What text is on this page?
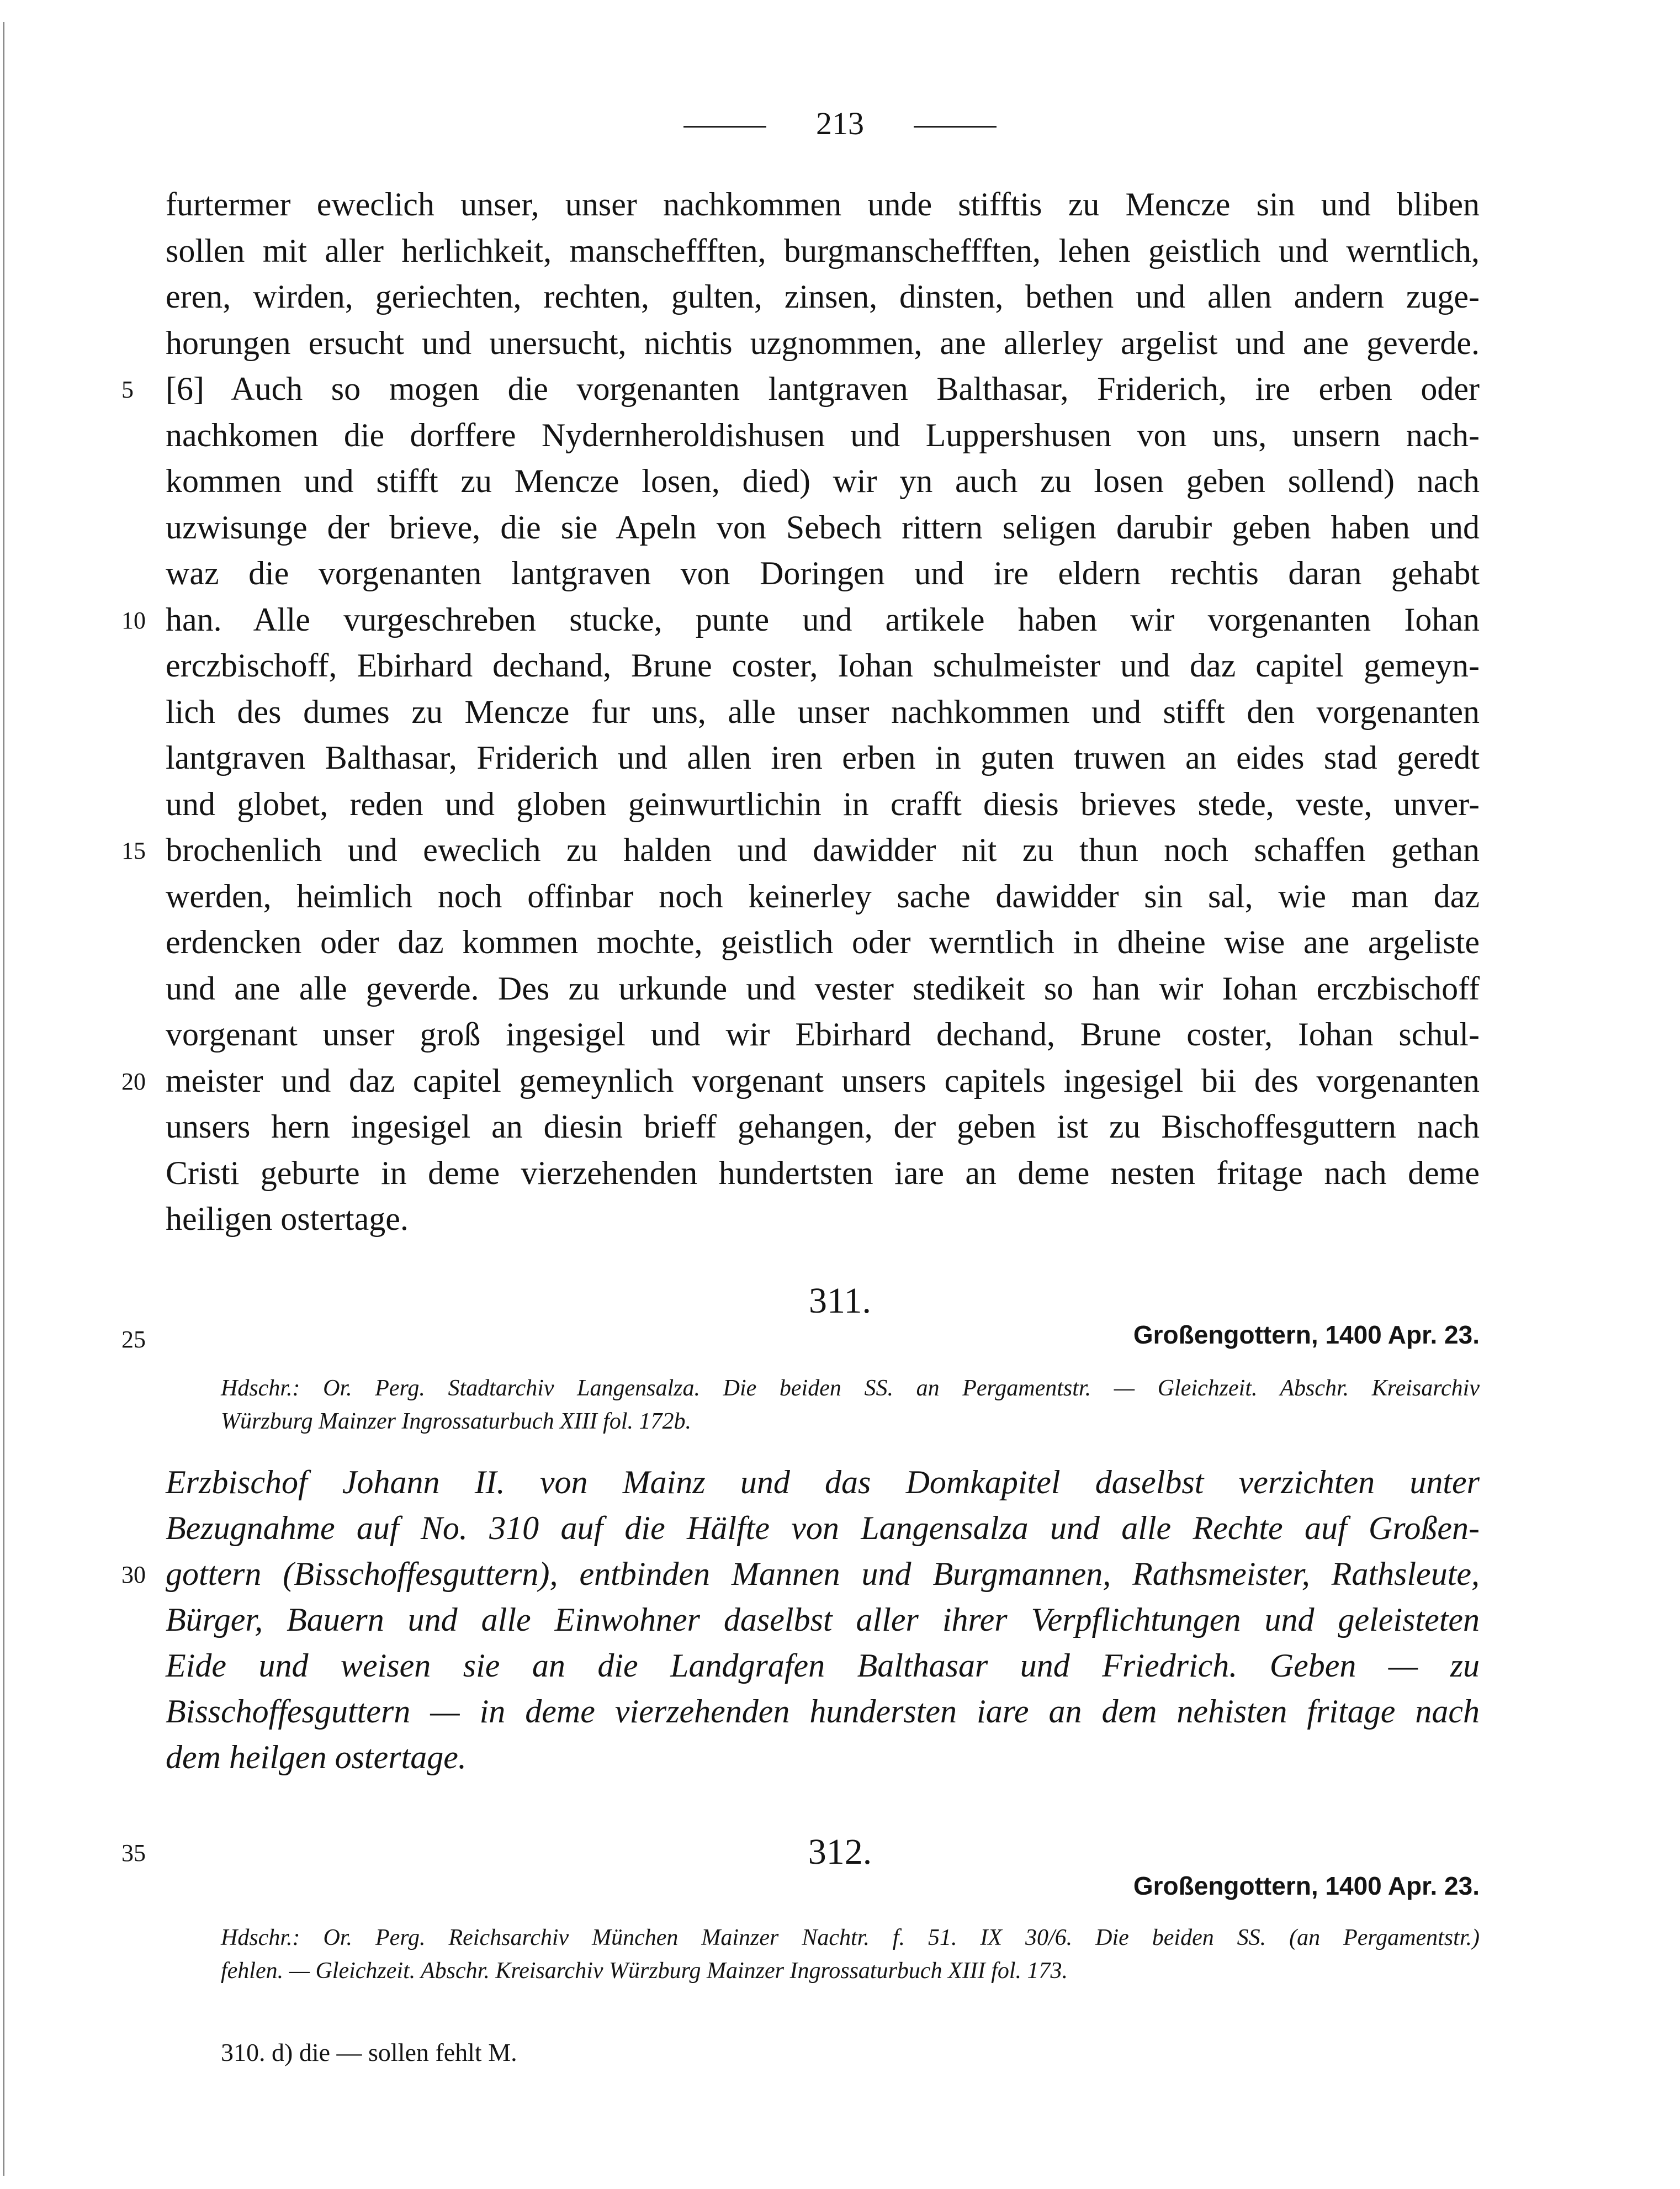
213
furtermer eweclich unser, unser nachkommen unde stifftis zu Mencze sin und bliben
sollen mit aller herlichkeit, manscheffften, burgmanscheffften, lehen geistlich und werntlich,
eren, wirden, geriechten, rechten, gulten, zinsen, dinsten, bethen und allen andern zuge-
horungen ersucht und unersucht, nichtis uzgnommen, ane allerley argelist und ane geverde.
[6] Auch so mogen die vorgenanten lantgraven Balthasar, Friderich, ire erben oder
5
nachkomen die dorffere Nydernheroldishusen und Luppershusen von uns, unsern nach-
kommen und stifft zu Mencze losen, died) wir yn auch zu losen geben sollend) nach
uzwisunge der brieve, die sie Apeln von Sebech rittern seligen darubir geben haben und
waz die vorgenanten lantgraven von Doringen und ire eldern rechtis daran gehabt
han. Alle vurgeschreben stucke, punte und artikele haben wir vorgenanten Iohan
10
erczbischoff, Ebirhard dechand, Brune coster, Iohan schulmeister und daz capitel gemeyn-
lich des dumes zu Mencze fur uns, alle unser nachkommen und stifft den vorgenanten
lantgraven Balthasar, Friderich und allen iren erben in guten truwen an eides stad geredt
und globet, reden und globen geinwurtlichin in crafft diesis brieves stede, veste, unver-
brochenlich und eweclich zu halden und dawidder nit zu thun noch schaffen gethan
15
werden, heimlich noch offinbar noch keinerley sache dawidder sin sal, wie man daz
erdencken oder daz kommen mochte, geistlich oder werntlich in dheine wise ane argeliste
und ane alle geverde. Des zu urkunde und vester stedikeit so han wir Iohan erczbischoff
vorgenant unser groß ingesigel und wir Ebirhard dechand, Brune coster, Iohan schul-
meister und daz capitel gemeynlich vorgenant unsers capitels ingesigel bii des vorgenanten
20
unsers hern ingesigel an diesin brieff gehangen, der geben ist zu Bischoffesguttern nach
Cristi geburte in deme vierzehenden hundertsten iare an deme nesten fritage nach deme
heiligen ostertage.
311.
25	Großengottern, 1400 Apr. 23.
Hdschr.: Or. Perg. Stadtarchiv Langensalza. Die beiden SS. an Pergamentstr. — Gleichzeit. Abschr. Kreisarchiv
Würzburg Mainzer Ingrossaturbuch XIII fol. 172b.
Erzbischof Johann II. von Mainz und das Domkapitel daselbst verzichten unter
Bezugnahme auf No. 310 auf die Hälfte von Langensalza und alle Rechte auf Großen-
gottern (Bisschoffesguttern), entbinden Mannen und Burgmannen, Rathsmeister, Rathsleute,
30
Bürger, Bauern und alle Einwohner daselbst aller ihrer Verpflichtungen und geleisteten
Eide und weisen sie an die Landgrafen Balthasar und Friedrich. Geben — zu
Bisschoffesguttern — in deme vierzehenden hundersten iare an dem nehisten fritage nach
dem heilgen ostertage.
312.
35
Großengottern, 1400 Apr. 23.
Hdschr.: Or. Perg. Reichsarchiv München Mainzer Nachtr. f. 51. IX 30/6. Die beiden SS. (an Pergamentstr.)
fehlen. — Gleichzeit. Abschr. Kreisarchiv Würzburg Mainzer Ingrossaturbuch XIII fol. 173.
310. d) die — sollen fehlt M.
